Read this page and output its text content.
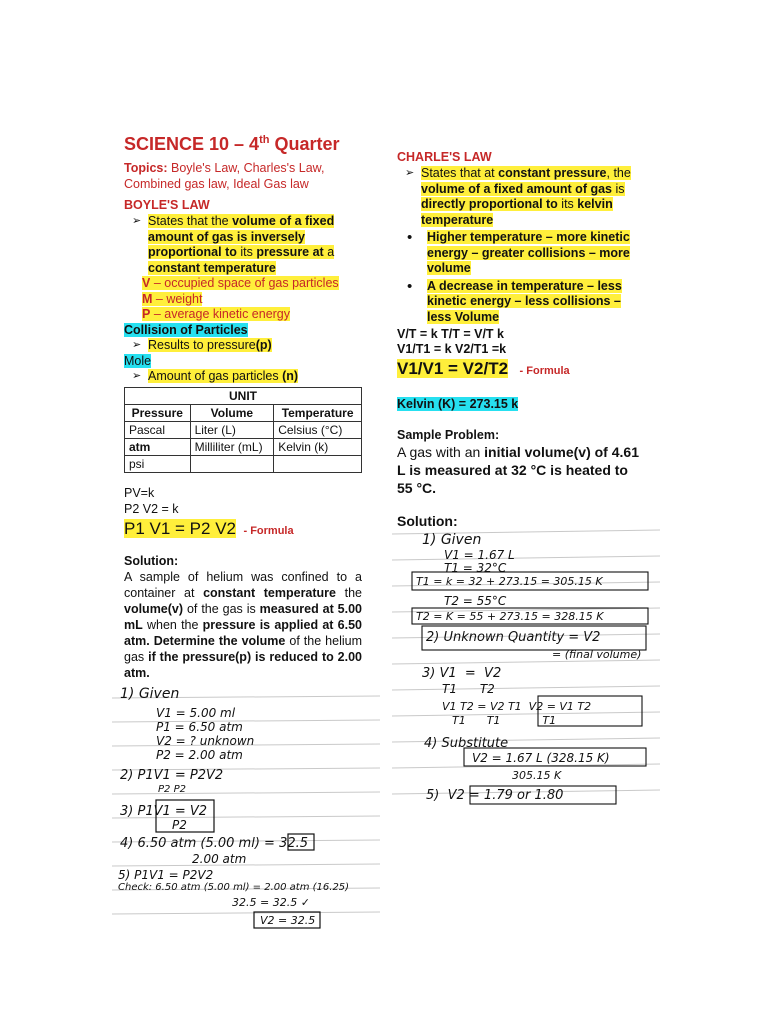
SCIENCE 10 – 4th Quarter
Topics: Boyle's Law, Charles's Law, Combined gas law, Ideal Gas law
BOYLE'S LAW
➢ States that the volume of a fixed amount of gas is inversely proportional to its pressure at a constant temperature
V – occupied space of gas particles
M – weight
P – average kinetic energy
Collision of Particles
➢ Results to pressure(p)
Mole
➢ Amount of gas particles (n)
UNIT		
Pressure	Volume	Temperature
Pascal	Liter (L)	Celsius (°C)
atm	Milliliter (mL)	Kelvin (k)
psi		
PV=k
P2 V2 = k
P1 V1 = P2 V2 - Formula
Solution:
A sample of helium was confined to a container at constant temperature the volume(v) of the gas is measured at 5.00 mL when the pressure is applied at 6.50 atm. Determine the volume of the helium gas if the pressure(p) is reduced to 2.00 atm.
1) Given
V1 = 5.00 ml
P1 = 6.50 atm
V2 = ? unknown
P2 = 2.00 atm
2) P1V1 = P2V2
P2 P2
3) P1V1 = V2
P2
4) 6.50 atm (5.00 ml) = 32.5
2.00 atm
5) P1V1 = P2V2
Check: 6.50 atm (5.00 ml) = 2.00 atm (16.25)
32.5 = 32.5 ✓
V2 = 32.5
CHARLE'S LAW
➢ States that at constant pressure, the volume of a fixed amount of gas is directly proportional to its kelvin temperature
• Higher temperature – more kinetic energy – greater collisions – more volume
• A decrease in temperature – less kinetic energy – less collisions – less Volume
V/T = k T/T = V/T k
V1/T1 = k V2/T1 =k
V1/V1 = V2/T2 - Formula
Kelvin (K) = 273.15 k
Sample Problem:
A gas with an initial volume(v) of 4.61 L is measured at 32 °C is heated to 55 °C.
Solution:
1) Given
V1 = 1.67 L
T1 = 32°C
T1 = k = 32 + 273.15 = 305.15 K
T2 = 55°C
T2 = K = 55 + 273.15 = 328.15 K
2) Unknown Quantity = V2
= (final volume)
3) V1  =  V2
T1      T2
V1 T2 = V2 T1  V2 = V1 T2
T1      T1            T1
4) Substitute
V2 = 1.67 L (328.15 K)
305.15 K
5)  V2 = 1.79 or 1.80
